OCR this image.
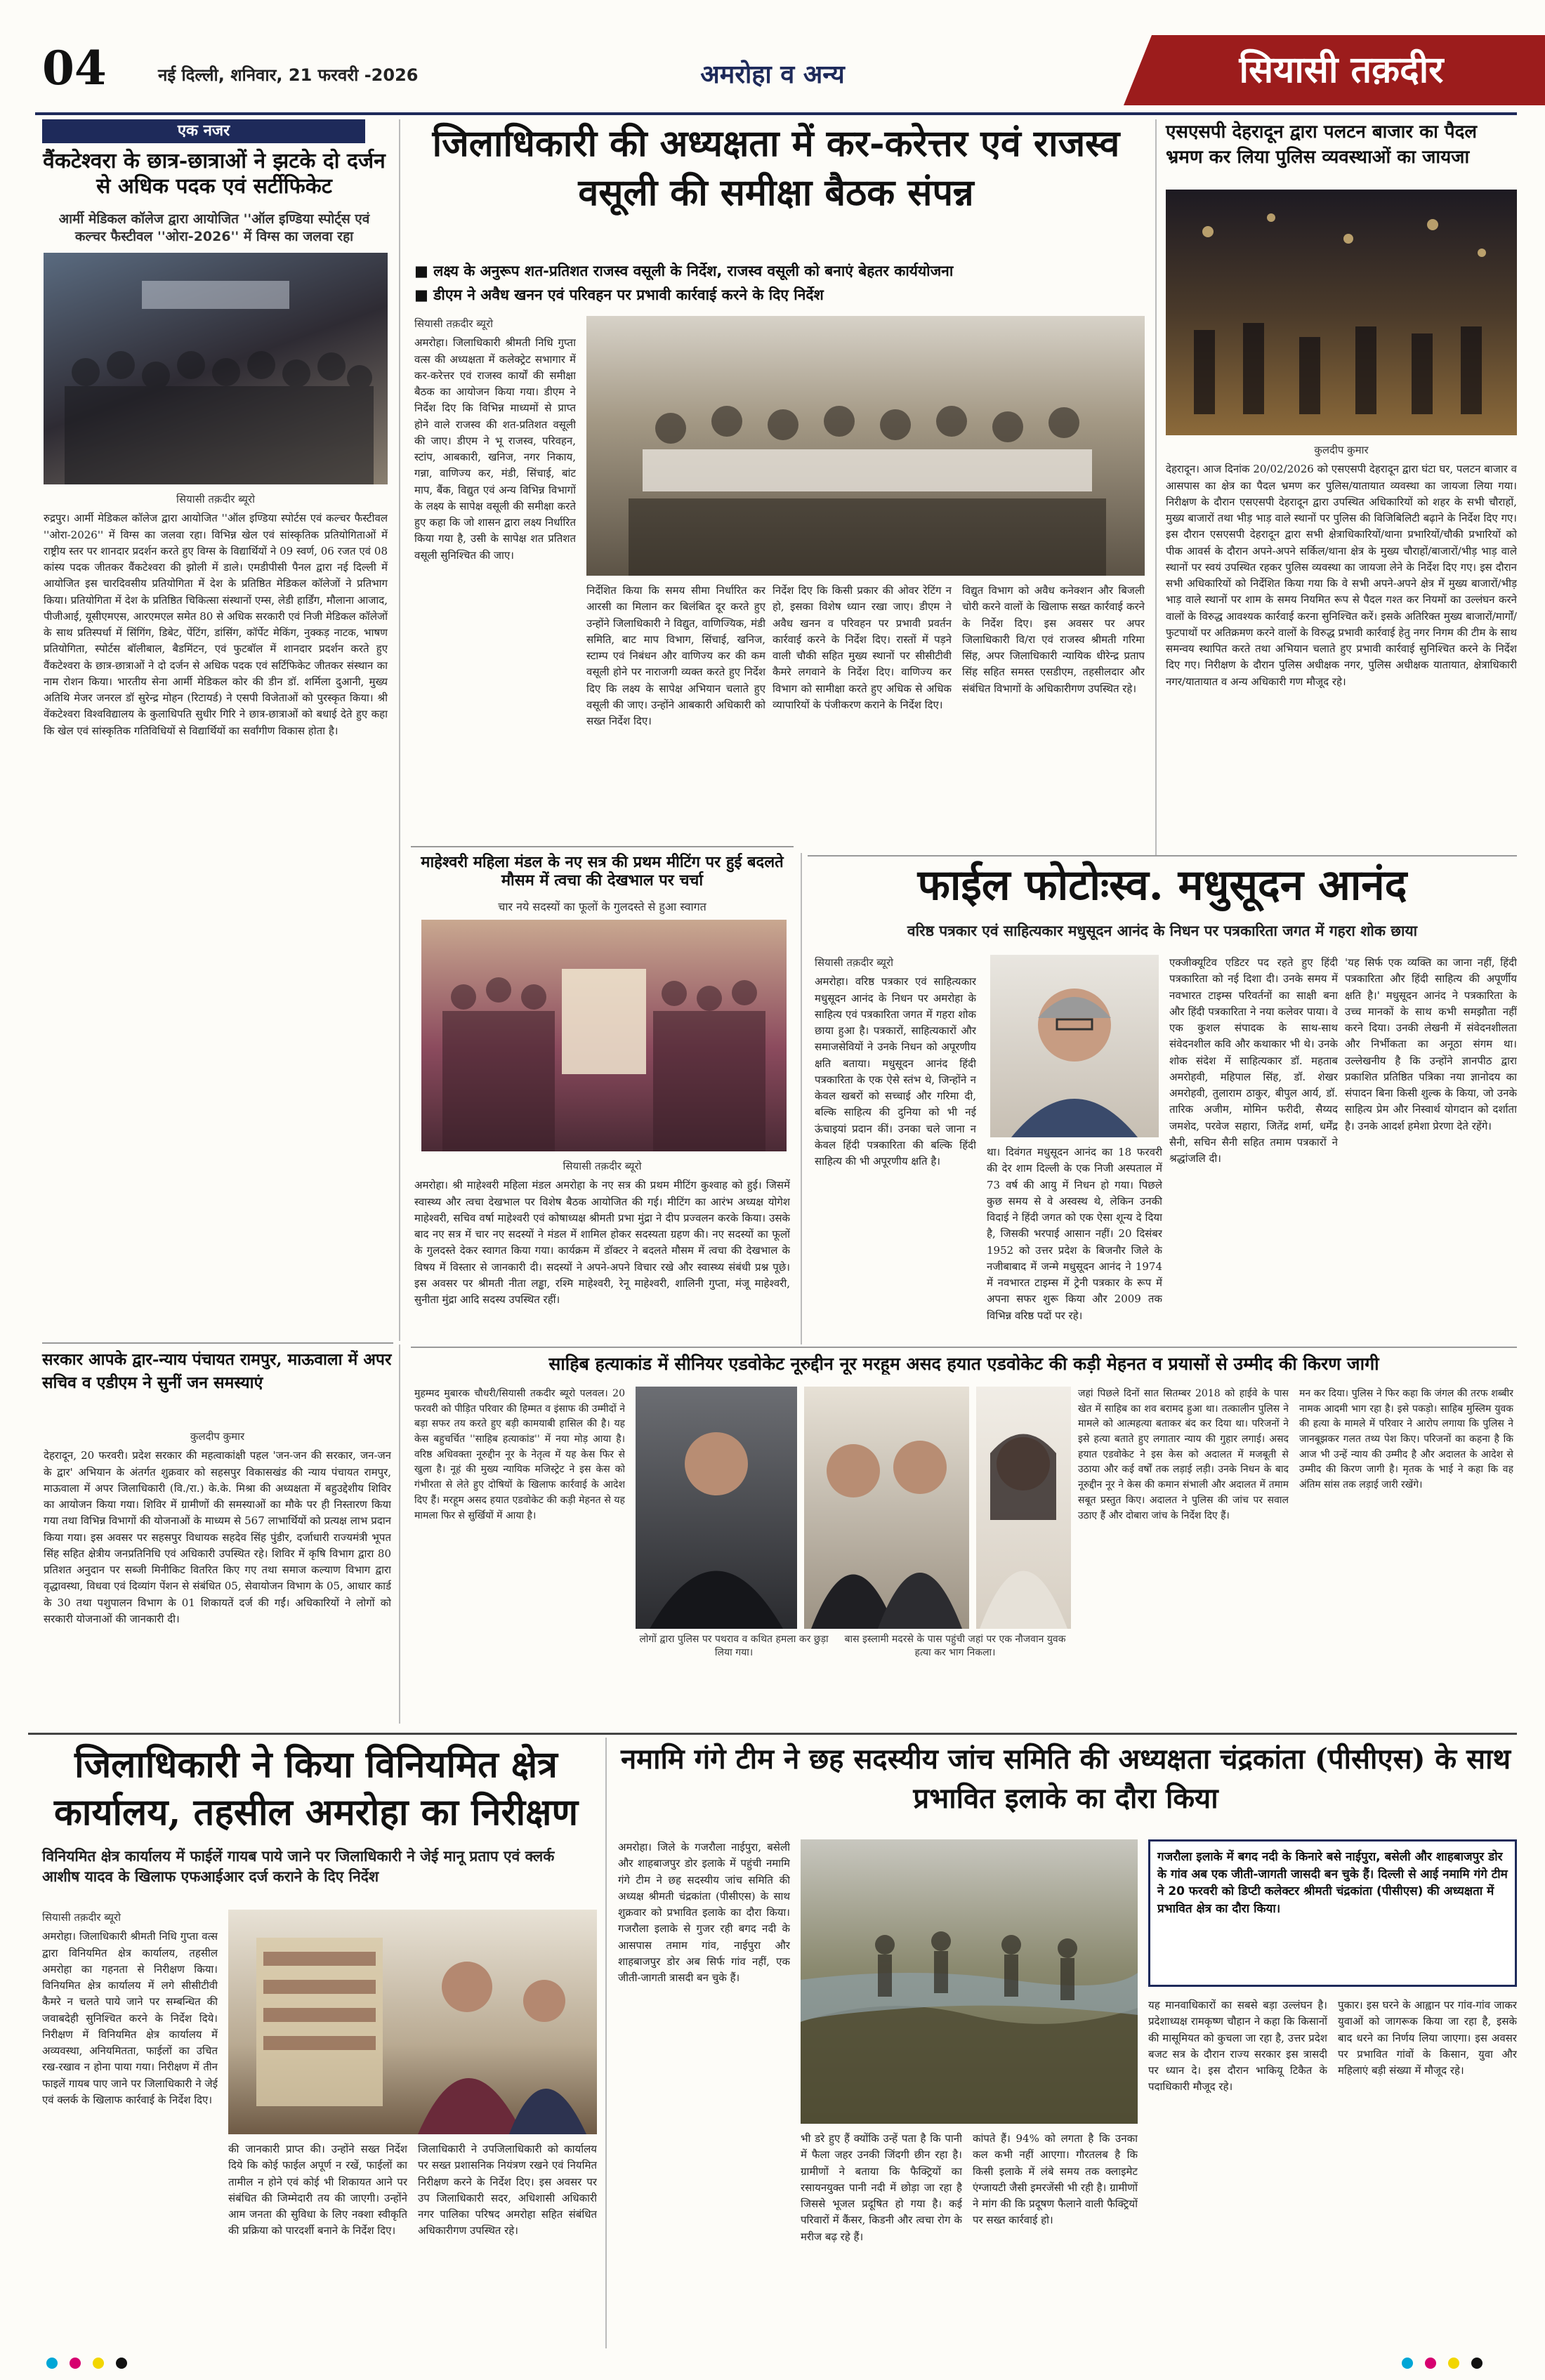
04	नई दिल्ली, शनिवार, 21 फरवरी -2026	अमरोहा व अन्य	सियासी तक़दीर
एक नजर
वैंकटेश्वरा के छात्र-छात्राओं ने झटके दो दर्जन से अधिक पदक एवं सर्टीफिकेट
आर्मी मेडिकल कॉलेज द्वारा आयोजित ''ऑल इण्डिया स्पोर्ट्स एवं कल्चर फैस्टीवल ''ओरा-2026'' में विग्स का जलवा रहा
सियासी तक़दीर ब्यूरो
रुद्रपुर। आर्मी मेडिकल कॉलेज द्वारा आयोजित ''ऑल इण्डिया स्पोर्टस एवं कल्चर फैस्टीवल ''ओरा-2026'' में विग्स का जलवा रहा। विभिन्न खेल एवं सांस्कृतिक प्रतियोगिताओं में राष्ट्रीय स्तर पर शानदार प्रदर्शन करते हुए विग्स के विद्यार्थियों ने 09 स्वर्ण, 06 रजत एवं 08 कांस्य पदक जीतकर वैंकटेश्वरा की झोली में डाले। एमडीपीसी पैनल द्वारा नई दिल्ली में आयोजित इस चारदिवसीय प्रतियोगिता में देश के प्रतिष्ठित मेडिकल कॉलेजों ने प्रतिभाग किया। प्रतियोगिता में देश के प्रतिष्ठित चिकित्सा संस्थानों एम्स, लेडी हार्डिंग, मौलाना आजाद, पीजीआई, यूसीएमएस, आरएमएल समेत 80 से अधिक सरकारी एवं निजी मेडिकल कॉलेजों के साथ प्रतिस्पर्धा में सिंगिंग, डिबेट, पेंटिंग, डांसिंग, कॉर्पेट मेकिंग, नुक्कड़ नाटक, भाषण प्रतियोगिता, स्पोर्टस बॉलीबाल, बैडमिंटन, एवं फुटबॉल में शानदार प्रदर्शन करते हुए वैंकटेश्वरा के छात्र-छात्राओं ने दो दर्जन से अधिक पदक एवं सर्टिफिकेट जीतकर संस्थान का नाम रोशन किया। भारतीय सेना आर्मी मेडिकल कोर की डीन डॉ. शर्मिला दुआनी, मुख्य अतिथि मेजर जनरल डॉ सुरेन्द्र मोहन (रिटायर्ड) ने एसपी विजेताओं को पुरस्कृत किया। श्री वेंकटेश्वरा विश्वविद्यालय के कुलाधिपति सुधीर गिरि ने छात्र-छात्राओं को बधाई देते हुए कहा कि खेल एवं सांस्कृतिक गतिविधियों से विद्यार्थियों का सर्वांगीण विकास होता है।
जिलाधिकारी की अध्यक्षता में कर-करेत्तर एवं राजस्व वसूली की समीक्षा बैठक संपन्न
■ लक्ष्य के अनुरूप शत-प्रतिशत राजस्व वसूली के निर्देश, राजस्व वसूली को बनाएं बेहतर कार्ययोजना
■ डीएम ने अवैध खनन एवं परिवहन पर प्रभावी कार्रवाई करने के दिए निर्देश
सियासी तक़दीर ब्यूरो
अमरोहा। जिलाधिकारी श्रीमती निधि गुप्ता वत्स की अध्यक्षता में कलेक्ट्रेट सभागार में कर-करेत्तर एवं राजस्व कार्यों की समीक्षा बैठक का आयोजन किया गया। डीएम ने निर्देश दिए कि विभिन्न माध्यमों से प्राप्त होने वाले राजस्व की शत-प्रतिशत वसूली की जाए। डीएम ने भू राजस्व, परिवहन, स्टांप, आबकारी, खनिज, नगर निकाय, गन्ना, वाणिज्य कर, मंडी, सिंचाई, बांट माप, बैंक, विद्युत एवं अन्य विभिन्न विभागों के लक्ष्य के सापेक्ष वसूली की समीक्षा करते हुए कहा कि जो शासन द्वारा लक्ष्य निर्धारित किया गया है, उसी के सापेक्ष शत प्रतिशत वसूली सुनिश्चित की जाए।
निर्देशित किया कि समय सीमा निर्धारित कर आरसी का मिलान कर बिलंबित दूर करते हुए उन्होंने जिलाधिकारी ने विद्युत, वाणिज्यिक, मंडी समिति, बाट माप विभाग, सिंचाई, खनिज, स्टाम्प एवं निबंधन और वाणिज्य कर की कम वसूली होने पर नाराजगी व्यक्त करते हुए निर्देश दिए कि लक्ष्य के सापेक्ष अभियान चलाते हुए वसूली की जाए। उन्होंने आबकारी अधिकारी को सख्त निर्देश दिए।
निर्देश दिए कि किसी प्रकार की ओवर रेटिंग न हो, इसका विशेष ध्यान रखा जाए। डीएम ने अवैध खनन व परिवहन पर प्रभावी प्रवर्तन कार्रवाई करने के निर्देश दिए। रास्तों में पड़ने वाली चौकी सहित मुख्य स्थानों पर सीसीटीवी कैमरे लगवाने के निर्देश दिए। वाणिज्य कर विभाग को सामीक्षा करते हुए अधिक से अधिक व्यापारियों के पंजीकरण कराने के निर्देश दिए।
विद्युत विभाग को अवैध कनेक्शन और बिजली चोरी करने वालों के खिलाफ सख्त कार्रवाई करने के निर्देश दिए। इस अवसर पर अपर जिलाधिकारी वि/रा एवं राजस्व श्रीमती गरिमा सिंह, अपर जिलाधिकारी न्यायिक धीरेन्द्र प्रताप सिंह सहित समस्त एसडीएम, तहसीलदार और संबंधित विभागों के अधिकारीगण उपस्थित रहे।
एसएसपी देहरादून द्वारा पलटन बाजार का पैदल भ्रमण कर लिया पुलिस व्यवस्थाओं का जायजा
कुलदीप कुमार
देहरादून। आज दिनांक 20/02/2026 को एसएसपी देहरादून द्वारा घंटा घर, पलटन बाजार व आसपास का क्षेत्र का पैदल भ्रमण कर पुलिस/यातायात व्यवस्था का जायजा लिया गया। निरीक्षण के दौरान एसएसपी देहरादून द्वारा उपस्थित अधिकारियों को शहर के सभी चौराहों, मुख्य बाजारों तथा भीड़ भाड़ वाले स्थानों पर पुलिस की विजिबिलिटी बढ़ाने के निर्देश दिए गए। इस दौरान एसएसपी देहरादून द्वारा सभी क्षेत्राधिकारियों/थाना प्रभारियों/चौकी प्रभारियों को पीक आवर्स के दौरान अपने-अपने सर्किल/थाना क्षेत्र के मुख्य चौराहों/बाजारों/भीड़ भाड़ वाले स्थानों पर स्वयं उपस्थित रहकर पुलिस व्यवस्था का जायजा लेने के निर्देश दिए गए। इस दौरान सभी अधिकारियों को निर्देशित किया गया कि वे सभी अपने-अपने क्षेत्र में मुख्य बाजारों/भीड़ भाड़ वाले स्थानों पर शाम के समय नियमित रूप से पैदल गश्त कर नियमों का उल्लंघन करने वालों के विरुद्ध आवश्यक कार्रवाई करना सुनिश्चित करें। इसके अतिरिक्त मुख्य बाजारों/मार्गों/फुटपाथों पर अतिक्रमण करने वालों के विरुद्ध प्रभावी कार्रवाई हेतु नगर निगम की टीम के साथ समन्वय स्थापित करते तथा अभियान चलाते हुए प्रभावी कार्रवाई सुनिश्चित करने के निर्देश दिए गए। निरीक्षण के दौरान पुलिस अधीक्षक नगर, पुलिस अधीक्षक यातायात, क्षेत्राधिकारी नगर/यातायात व अन्य अधिकारी गण मौजूद रहे।
माहेश्वरी महिला मंडल के नए सत्र की प्रथम मीटिंग पर हुई बदलते मौसम में त्वचा की देखभाल पर चर्चा
चार नये सदस्यों का फूलों के गुलदस्ते से हुआ स्वागत
सियासी तक़दीर ब्यूरो
अमरोहा। श्री माहेश्वरी महिला मंडल अमरोहा के नए सत्र की प्रथम मीटिंग कुश्वाह को हुई। जिसमें स्वास्थ्य और त्वचा देखभाल पर विशेष बैठक आयोजित की गई। मीटिंग का आरंभ अध्यक्ष योगेश माहेश्वरी, सचिव वर्षा माहेश्वरी एवं कोषाध्यक्ष श्रीमती प्रभा मुंद्रा ने दीप प्रज्वलन करके किया। उसके बाद नए सत्र में चार नए सदस्यों ने मंडल में शामिल होकर सदस्यता ग्रहण की। नए सदस्यों का फूलों के गुलदस्ते देकर स्वागत किया गया। कार्यक्रम में डॉक्टर ने बदलते मौसम में त्वचा की देखभाल के विषय में विस्तार से जानकारी दी। सदस्यों ने अपने-अपने विचार रखे और स्वास्थ्य संबंधी प्रश्न पूछे। इस अवसर पर श्रीमती नीता लड्ढा, रश्मि माहेश्वरी, रेनू माहेश्वरी, शालिनी गुप्ता, मंजू माहेश्वरी, सुनीता मुंद्रा आदि सदस्य उपस्थित रहीं।
फाईल फोटोःस्व. मधुसूदन आनंद
वरिष्ठ पत्रकार एवं साहित्यकार मधुसूदन आनंद के निधन पर पत्रकारिता जगत में गहरा शोक छाया
सियासी तक़दीर ब्यूरो
अमरोहा। वरिष्ठ पत्रकार एवं साहित्यकार मधुसूदन आनंद के निधन पर अमरोहा के साहित्य एवं पत्रकारिता जगत में गहरा शोक छाया हुआ है। पत्रकारों, साहित्यकारों और समाजसेवियों ने उनके निधन को अपूरणीय क्षति बताया। मधुसूदन आनंद हिंदी पत्रकारिता के एक ऐसे स्तंभ थे, जिन्होंने न केवल खबरों को सच्चाई और गरिमा दी, बल्कि साहित्य की दुनिया को भी नई ऊंचाइयां प्रदान कीं। उनका चले जाना न केवल हिंदी पत्रकारिता की बल्कि हिंदी साहित्य की भी अपूरणीय क्षति है।
था। दिवंगत मधुसूदन आनंद का 18 फरवरी की देर शाम दिल्ली के एक निजी अस्पताल में 73 वर्ष की आयु में निधन हो गया। पिछले कुछ समय से वे अस्वस्थ थे, लेकिन उनकी विदाई ने हिंदी जगत को एक ऐसा शून्य दे दिया है, जिसकी भरपाई आसान नहीं। 20 दिसंबर 1952 को उत्तर प्रदेश के बिजनौर जिले के नजीबाबाद में जन्मे मधुसूदन आनंद ने 1974 में नवभारत टाइम्स में ट्रेनी पत्रकार के रूप में अपना सफर शुरू किया और 2009 तक विभिन्न वरिष्ठ पदों पर रहे।
एक्जीक्यूटिव एडिटर पद रहते हुए हिंदी पत्रकारिता को नई दिशा दी। उनके समय में नवभारत टाइम्स परिवर्तनों का साक्षी बना और हिंदी पत्रकारिता ने नया कलेवर पाया। वे एक कुशल संपादक के साथ-साथ संवेदनशील कवि और कथाकार भी थे। उनके शोक संदेश में साहित्यकार डॉ. महताब अमरोहवी, महिपाल सिंह, डॉ. शेखर अमरोहवी, तुलाराम ठाकुर, बीपुल आर्य, डॉ. तारिक अजीम, मोमिन फरीदी, सैय्यद जमशेद, परवेज सहारा, जितेंद्र शर्मा, धर्मेंद्र सैनी, सचिन सैनी सहित तमाम पत्रकारों ने श्रद्धांजलि दी।
'यह सिर्फ एक व्यक्ति का जाना नहीं, हिंदी पत्रकारिता और हिंदी साहित्य की अपूर्णीय क्षति है।' मधुसूदन आनंद ने पत्रकारिता के उच्च मानकों के साथ कभी समझौता नहीं करने दिया। उनकी लेखनी में संवेदनशीलता और निर्भीकता का अनूठा संगम था। उल्लेखनीय है कि उन्होंने ज्ञानपीठ द्वारा प्रकाशित प्रतिष्ठित पत्रिका नया ज्ञानोदय का संपादन बिना किसी शुल्क के किया, जो उनके साहित्य प्रेम और निस्वार्थ योगदान को दर्शाता है। उनके आदर्श हमेशा प्रेरणा देते रहेंगे।
सरकार आपके द्वार-न्याय पंचायत रामपुर, माऊवाला में अपर सचिव व एडीएम ने सुनीं जन समस्याएं
कुलदीप कुमार
देहरादून, 20 फरवरी। प्रदेश सरकार की महत्वाकांक्षी पहल 'जन-जन की सरकार, जन-जन के द्वार' अभियान के अंतर्गत शुक्रवार को सहसपुर विकासखंड की न्याय पंचायत रामपुर, माऊवाला में अपर जिलाधिकारी (वि./रा.) के.के. मिश्रा की अध्यक्षता में बहुउद्देशीय शिविर का आयोजन किया गया। शिविर में ग्रामीणों की समस्याओं का मौके पर ही निस्तारण किया गया तथा विभिन्न विभागों की योजनाओं के माध्यम से 567 लाभार्थियों को प्रत्यक्ष लाभ प्रदान किया गया। इस अवसर पर सहसपुर विधायक सहदेव सिंह पुंडीर, दर्जाधारी राज्यमंत्री भूपत सिंह सहित क्षेत्रीय जनप्रतिनिधि एवं अधिकारी उपस्थित रहे। शिविर में कृषि विभाग द्वारा 80 प्रतिशत अनुदान पर सब्जी मिनीकिट वितरित किए गए तथा समाज कल्याण विभाग द्वारा वृद्धावस्था, विधवा एवं दिव्यांग पेंशन से संबंधित 05, सेवायोजन विभाग के 05, आधार कार्ड के 30 तथा पशुपालन विभाग के 01 शिकायतें दर्ज की गईं। अधिकारियों ने लोगों को सरकारी योजनाओं की जानकारी दी।
साहिब हत्याकांड में सीनियर एडवोकेट नूरुद्दीन नूर मरहूम असद हयात एडवोकेट की कड़ी मेहनत व प्रयासों से उम्मीद की किरण जागी
मुहम्मद मुबारक चौधरी/सियासी तकदीर ब्यूरो पलवल। 20 फरवरी को पीड़ित परिवार की हिम्मत व इंसाफ की उम्मीदों ने बड़ा सफर तय करते हुए बड़ी कामयाबी हासिल की है। यह केस बहुचर्चित ''साहिब हत्याकांड'' में नया मोड़ आया है। वरिष्ठ अधिवक्ता नूरुद्दीन नूर के नेतृत्व में यह केस फिर से खुला है। नूहं की मुख्य न्यायिक मजिस्ट्रेट ने इस केस को गंभीरता से लेते हुए दोषियों के खिलाफ कार्रवाई के आदेश दिए हैं। मरहूम असद हयात एडवोकेट की कड़ी मेहनत से यह मामला फिर से सुर्खियों में आया है।
लोगों द्वारा पुलिस पर पथराव व कथित हमला कर छुड़ा लिया गया।
बास इस्लामी मदरसे के पास पहुंची जहां पर एक नौजवान युवक हत्या कर भाग निकला।
जहां पिछले दिनों सात सितम्बर 2018 को हाईवे के पास खेत में साहिब का शव बरामद हुआ था। तत्कालीन पुलिस ने मामले को आत्महत्या बताकर बंद कर दिया था। परिजनों ने इसे हत्या बताते हुए लगातार न्याय की गुहार लगाई। असद हयात एडवोकेट ने इस केस को अदालत में मजबूती से उठाया और कई वर्षों तक लड़ाई लड़ी। उनके निधन के बाद नूरुद्दीन नूर ने केस की कमान संभाली और अदालत में तमाम सबूत प्रस्तुत किए। अदालत ने पुलिस की जांच पर सवाल उठाए हैं और दोबारा जांच के निर्देश दिए हैं।
मन कर दिया। पुलिस ने फिर कहा कि जंगल की तरफ शब्बीर नामक आदमी भाग रहा है। इसे पकड़ो। साहिब मुस्लिम युवक की हत्या के मामले में परिवार ने आरोप लगाया कि पुलिस ने जानबूझकर गलत तथ्य पेश किए। परिजनों का कहना है कि आज भी उन्हें न्याय की उम्मीद है और अदालत के आदेश से उम्मीद की किरण जागी है। मृतक के भाई ने कहा कि वह अंतिम सांस तक लड़ाई जारी रखेंगे।
जिलाधिकारी ने किया विनियमित क्षेत्र कार्यालय, तहसील अमरोहा का निरीक्षण
विनियमित क्षेत्र कार्यालय में फाईलें गायब पाये जाने पर जिलाधिकारी ने जेई मानू प्रताप एवं क्लर्क आशीष यादव के खिलाफ एफआईआर दर्ज कराने के दिए निर्देश
सियासी तक़दीर ब्यूरो
अमरोहा। जिलाधिकारी श्रीमती निधि गुप्ता वत्स द्वारा विनियमित क्षेत्र कार्यालय, तहसील अमरोहा का गहनता से निरीक्षण किया। विनियमित क्षेत्र कार्यालय में लगे सीसीटीवी कैमरे न चलते पाये जाने पर सम्बन्धित की जवाबदेही सुनिश्चित करने के निर्देश दिये। निरीक्षण में विनियमित क्षेत्र कार्यालय में अव्यवस्था, अनियमितता, फाईलों का उचित रख-रखाव न होना पाया गया। निरीक्षण में तीन फाइलें गायब पाए जाने पर जिलाधिकारी ने जेई एवं क्लर्क के खिलाफ कार्रवाई के निर्देश दिए।
की जानकारी प्राप्त की। उन्होंने सख्त निर्देश दिये कि कोई फाईल अपूर्ण न रखें, फाईलों का तामील न होने एवं कोई भी शिकायत आने पर संबंधित की जिम्मेदारी तय की जाएगी। उन्होंने आम जनता की सुविधा के लिए नक्शा स्वीकृति की प्रक्रिया को पारदर्शी बनाने के निर्देश दिए।
जिलाधिकारी ने उपजिलाधिकारी को कार्यालय पर सख्त प्रशासनिक नियंत्रण रखने एवं नियमित निरीक्षण करने के निर्देश दिए। इस अवसर पर उप जिलाधिकारी सदर, अधिशासी अधिकारी नगर पालिका परिषद अमरोहा सहित संबंधित अधिकारीगण उपस्थित रहे।
नमामि गंगे टीम ने छह सदस्यीय जांच समिति की अध्यक्षता चंद्रकांता (पीसीएस) के साथ प्रभावित इलाके का दौरा किया
अमरोहा। जिले के गजरौला नाईपुरा, बसेली और शाहबाजपुर डोर इलाके में पहुंची नमामि गंगे टीम ने छह सदस्यीय जांच समिति की अध्यक्ष श्रीमती चंद्रकांता (पीसीएस) के साथ शुक्रवार को प्रभावित इलाके का दौरा किया। गजरौला इलाके से गुजर रही बगद नदी के आसपास तमाम गांव, नाईपुरा और शाहबाजपुर डोर अब सिर्फ गांव नहीं, एक जीती-जागती त्रासदी बन चुके हैं।
भी डरे हुए हैं क्योंकि उन्हें पता है कि पानी में फैला जहर उनकी जिंदगी छीन रहा है। ग्रामीणों ने बताया कि फैक्ट्रियों का रसायनयुक्त पानी नदी में छोड़ा जा रहा है जिससे भूजल प्रदूषित हो गया है। कई परिवारों में कैंसर, किडनी और त्वचा रोग के मरीज बढ़ रहे हैं।
कांपते हैं। 94% को लगता है कि उनका कल कभी नहीं आएगा। गौरतलब है कि किसी इलाके में लंबे समय तक क्लाइमेट एंग्जायटी जैसी इमरजेंसी भी रही है। ग्रामीणों ने मांग की कि प्रदूषण फैलाने वाली फैक्ट्रियों पर सख्त कार्रवाई हो।
गजरौला इलाके में बगद नदी के किनारे बसे नाईपुरा, बसेली और शाहबाजपुर डोर के गांव अब एक जीती-जागती जासदी बन चुके हैं। दिल्ली से आई नमामि गंगे टीम ने 20 फरवरी को डिप्टी कलेक्टर श्रीमती चंद्रकांता (पीसीएस) की अध्यक्षता में प्रभावित क्षेत्र का दौरा किया।
यह मानवाधिकारों का सबसे बड़ा उल्लंघन है। प्रदेशाध्यक्ष रामकृष्ण चौहान ने कहा कि किसानों की मासूमियत को कुचला जा रहा है, उत्तर प्रदेश बजट सत्र के दौरान राज्य सरकार इस त्रासदी पर ध्यान दे। इस दौरान भाकियू टिकैत के पदाधिकारी मौजूद रहे।
पुकार। इस घरने के आह्वान पर गांव-गांव जाकर युवाओं को जागरूक किया जा रहा है, इसके बाद धरने का निर्णय लिया जाएगा। इस अवसर पर प्रभावित गांवों के किसान, युवा और महिलाएं बड़ी संख्या में मौजूद रहे।
